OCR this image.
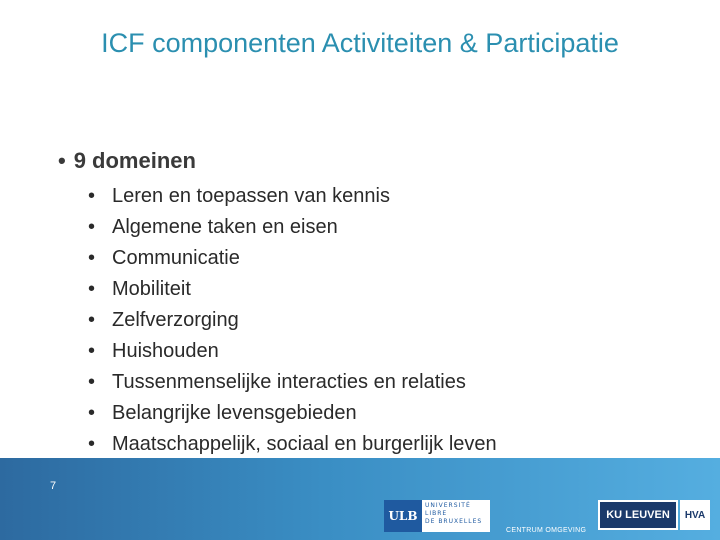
ICF componenten Activiteiten & Participatie
• 9 domeinen
• Leren en toepassen van kennis
• Algemene taken en eisen
• Communicatie
• Mobiliteit
• Zelfverzorging
• Huishouden
• Tussenmenselijke interacties en relaties
• Belangrijke levensgebieden
• Maatschappelijk, sociaal en burgerlijk leven
7
ULB
UNIVERSITÉ
LIBRE
DE BRUXELLES
CENTRUM OMGEVING
KU LEUVEN	HVA
